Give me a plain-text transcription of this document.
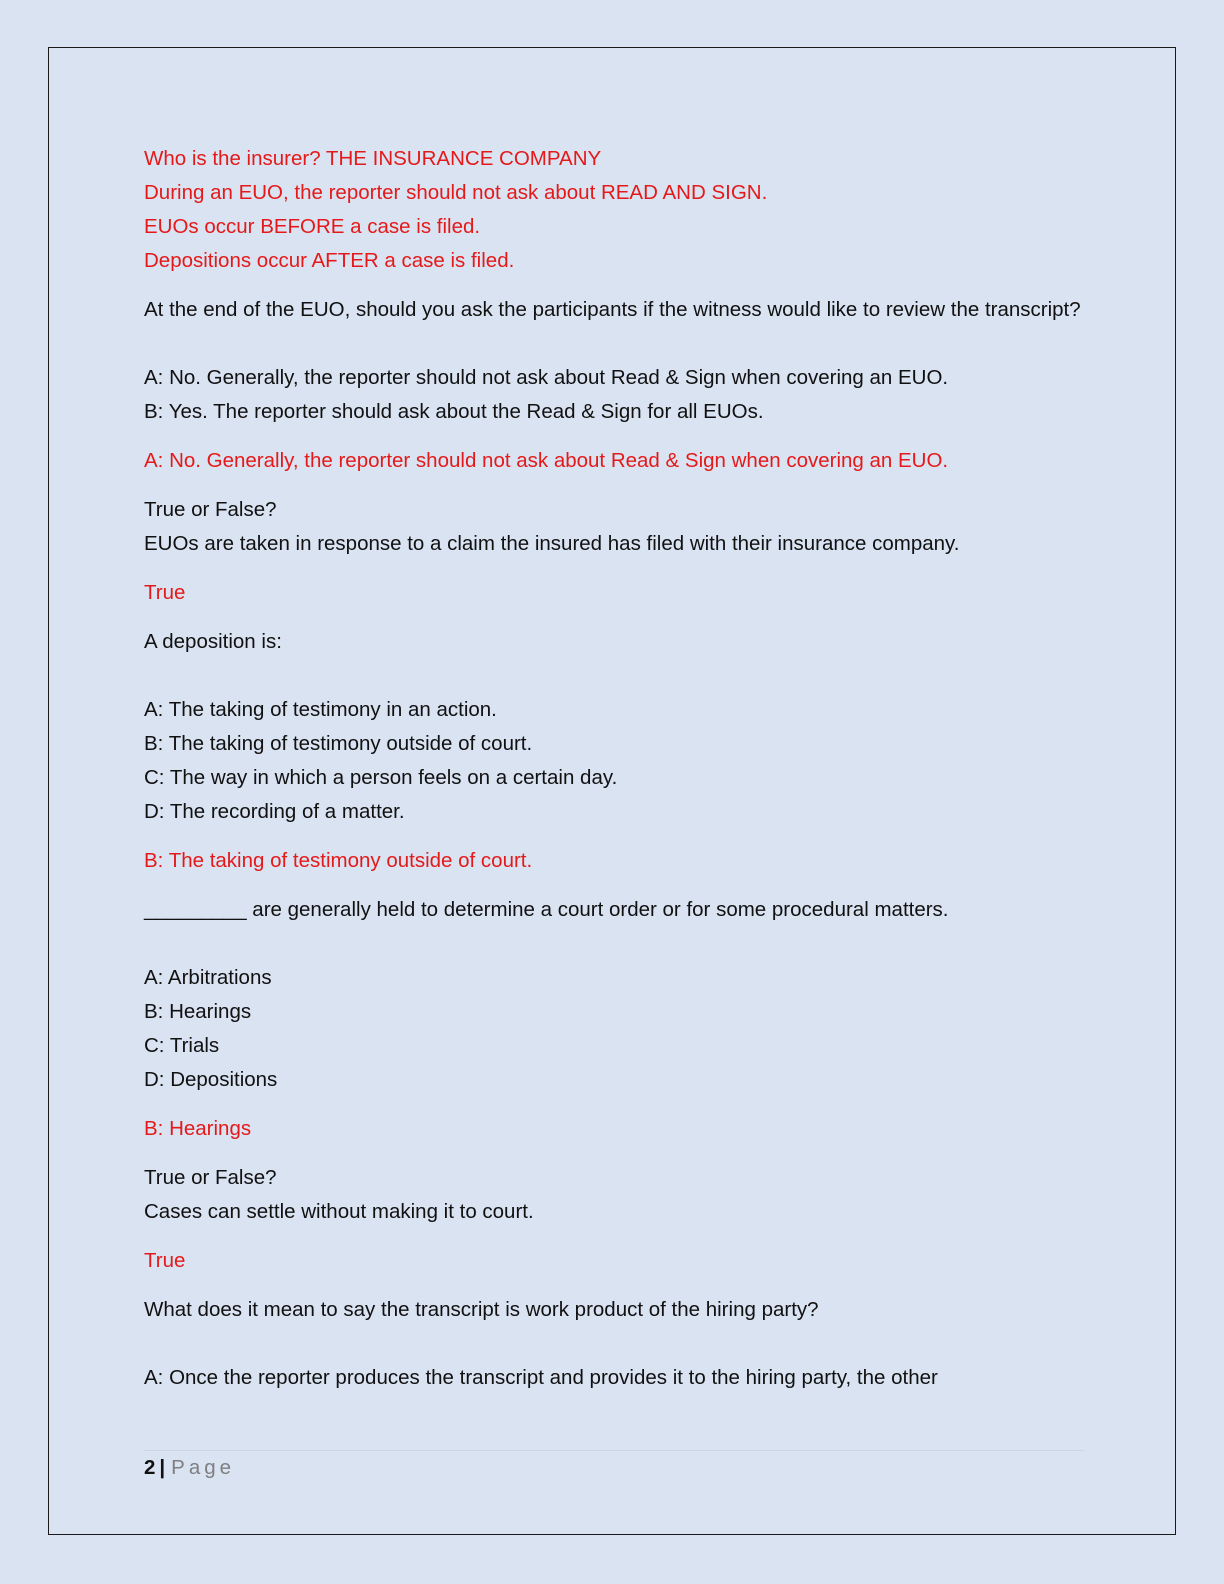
Who is the insurer? THE INSURANCE COMPANY
During an EUO, the reporter should not ask about READ AND SIGN.
EUOs occur BEFORE a case is filed.
Depositions occur AFTER a case is filed.
At the end of the EUO, should you ask the participants if the witness would like to review the transcript?
A: No. Generally, the reporter should not ask about Read & Sign when covering an EUO.
B: Yes. The reporter should ask about the Read & Sign for all EUOs.
A: No. Generally, the reporter should not ask about Read & Sign when covering an EUO.
True or False?
EUOs are taken in response to a claim the insured has filed with their insurance company.
True
A deposition is:
A: The taking of testimony in an action.
B: The taking of testimony outside of court.
C: The way in which a person feels on a certain day.
D: The recording of a matter.
B: The taking of testimony outside of court.
_________ are generally held to determine a court order or for some procedural matters.
A: Arbitrations
B: Hearings
C: Trials
D: Depositions
B: Hearings
True or False?
Cases can settle without making it to court.
True
What does it mean to say the transcript is work product of the hiring party?
A: Once the reporter produces the transcript and provides it to the hiring party, the other
2 | Page
